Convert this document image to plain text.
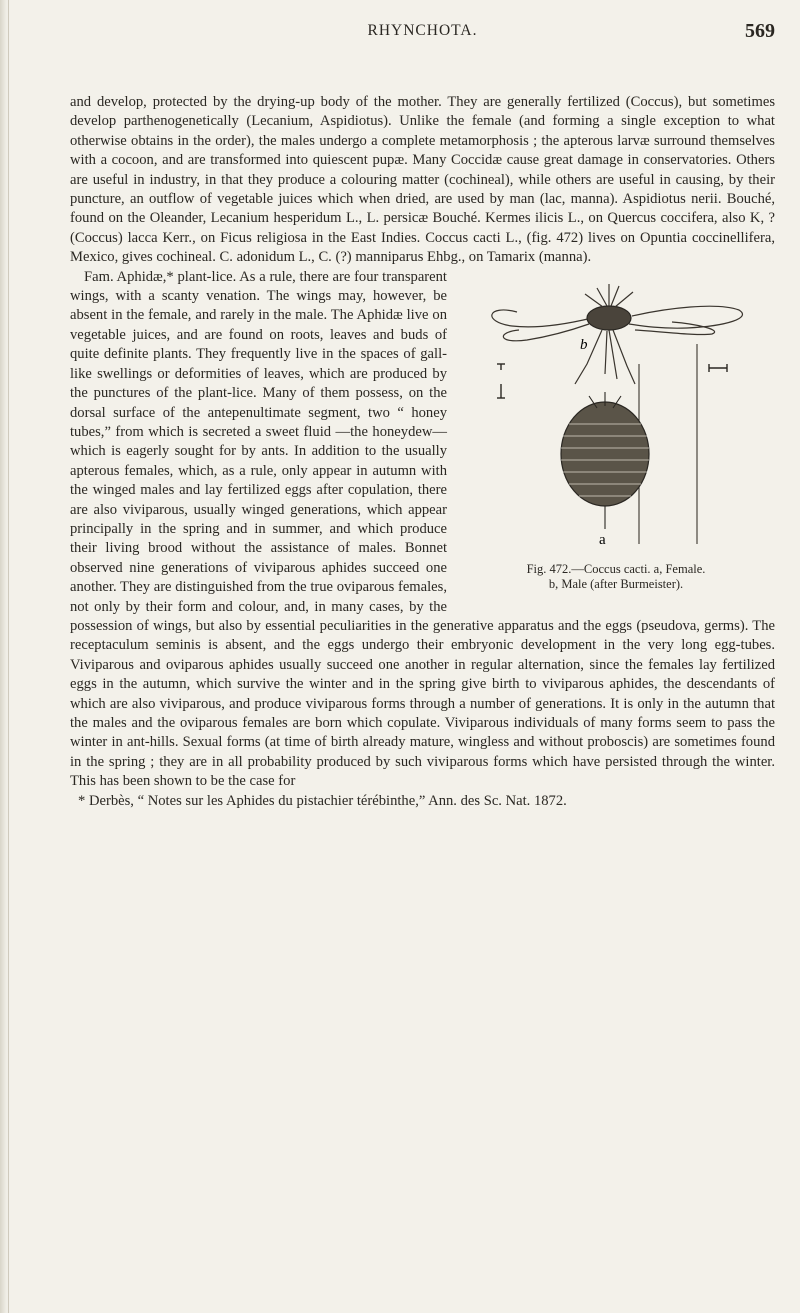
RHYNCHOTA.	569

and develop, protected by the drying-up body of the mother. They are generally fertilized (Coccus), but sometimes develop parthenogenetically (Lecanium, Aspidiotus). Unlike the female (and forming a single exception to what otherwise obtains in the order), the males undergo a complete metamorphosis ; the apterous larvæ surround themselves with a cocoon, and are transformed into quiescent pupæ. Many Coccidæ cause great damage in conservatories. Others are useful in industry, in that they produce a colouring matter (cochineal), while others are useful in causing, by their puncture, an outflow of vegetable juices which when dried, are used by man (lac, manna). Aspidiotus nerii. Bouché, found on the Oleander, Lecanium hesperidum L., L. persicæ Bouché. Kermes ilicis L., on Quercus coccifera, also K, ? (Coccus) lacca Kerr., on Ficus religiosa in the East Indies. Coccus cacti L., (fig. 472) lives on Opuntia coccinellifera, Mexico, gives cochineal. C. adonidum L., C. (?) manniparus Ehbg., on Tamarix (manna).

b
a
Fig. 472.—Coccus cacti. a, Female.
b, Male (after Burmeister).

Fam. Aphidæ,* plant-lice. As a rule, there are four transparent wings, with a scanty venation. The wings may, however, be absent in the female, and rarely in the male. The Aphidæ live on vegetable juices, and are found on roots, leaves and buds of quite definite plants. They frequently live in the spaces of gall-like swellings or deformities of leaves, which are produced by the punctures of the plant-lice. Many of them possess, on the dorsal surface of the antepenultimate segment, two “ honey tubes,” from which is secreted a sweet fluid —the honeydew—which is eagerly sought for by ants. In addition to the usually apterous females, which, as a rule, only appear in autumn with the winged males and lay fertilized eggs after copulation, there are also viviparous, usually winged generations, which appear principally in the spring and in summer, and which produce their living brood without the assistance of males. Bonnet observed nine generations of viviparous aphides succeed one another. They are distinguished from the true oviparous females, not only by their form and colour, and, in many cases, by the possession of wings, but also by essential peculiarities in the generative apparatus and the eggs (pseudova, germs). The receptaculum seminis is absent, and the eggs undergo their embryonic development in the very long egg-tubes. Viviparous and oviparous aphides usually succeed one another in regular alternation, since the females lay fertilized eggs in the autumn, which survive the winter and in the spring give birth to viviparous aphides, the descendants of which are also viviparous, and produce viviparous forms through a number of generations. It is only in the autumn that the males and the oviparous females are born which copulate. Viviparous individuals of many forms seem to pass the winter in ant-hills. Sexual forms (at time of birth already mature, wingless and without proboscis) are sometimes found in the spring ; they are in all probability produced by such viviparous forms which have persisted through the winter. This has been shown to be the case for

* Derbès, “ Notes sur les Aphides du pistachier térébinthe,” Ann. des Sc. Nat. 1872.
